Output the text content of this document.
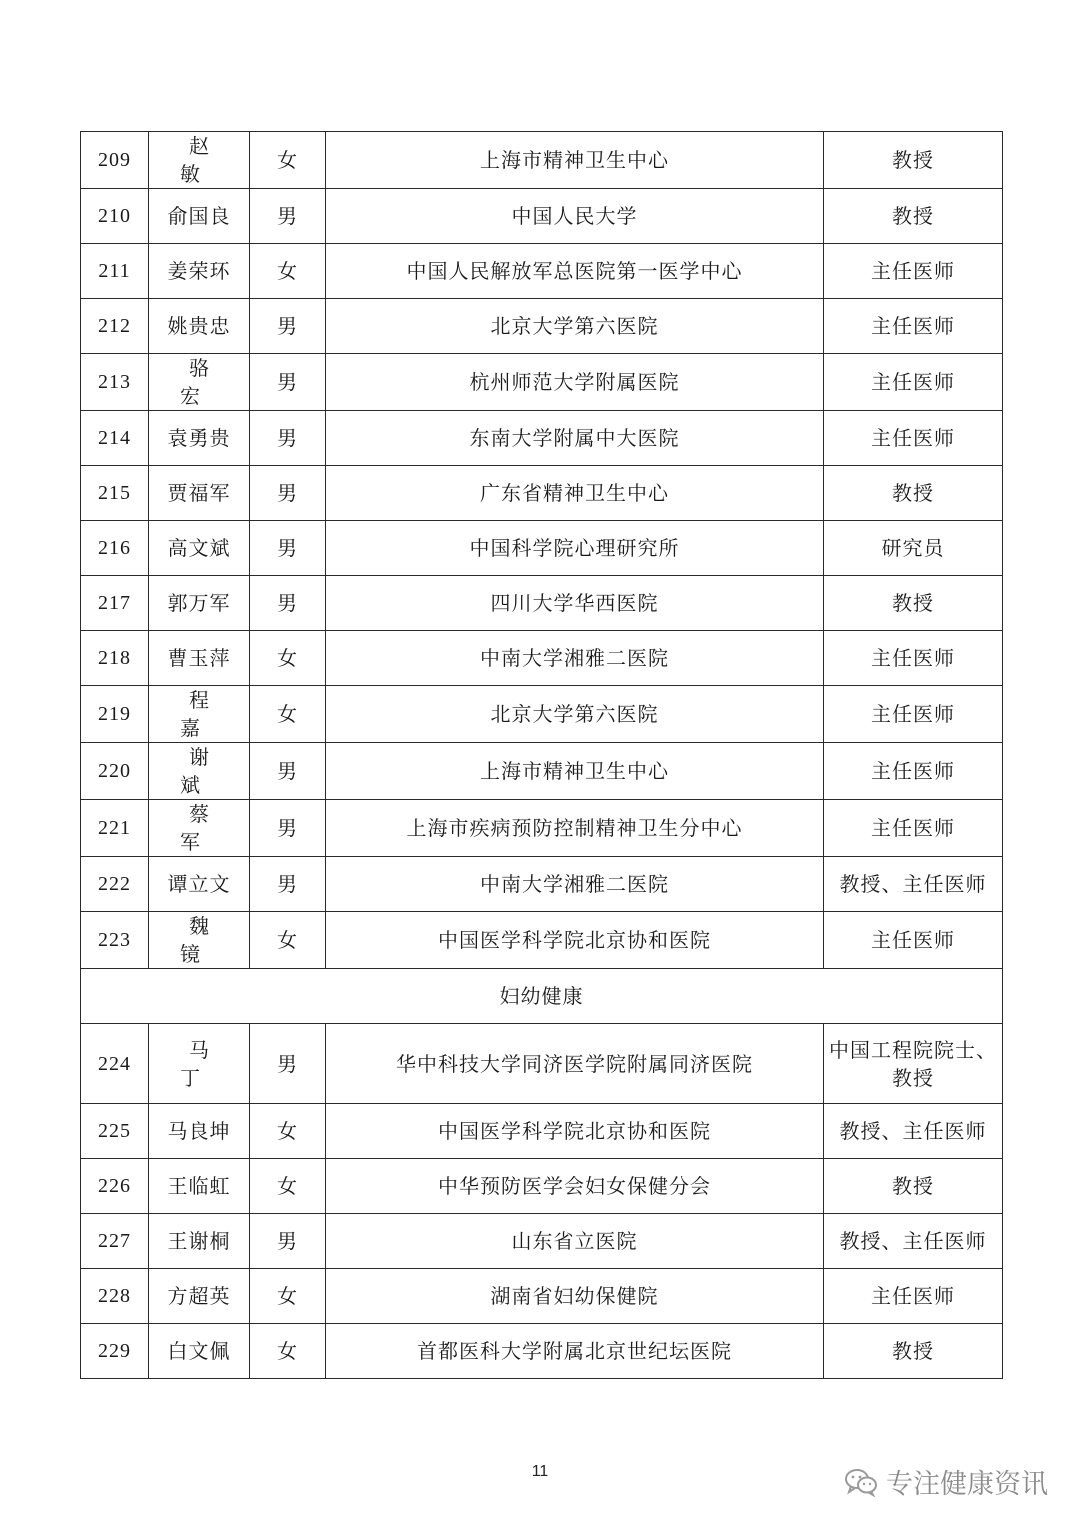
209	赵　敏	女	上海市精神卫生中心	教授
210	俞国良	男	中国人民大学	教授
211	姜荣环	女	中国人民解放军总医院第一医学中心	主任医师
212	姚贵忠	男	北京大学第六医院	主任医师
213	骆　宏	男	杭州师范大学附属医院	主任医师
214	袁勇贵	男	东南大学附属中大医院	主任医师
215	贾福军	男	广东省精神卫生中心	教授
216	高文斌	男	中国科学院心理研究所	研究员
217	郭万军	男	四川大学华西医院	教授
218	曹玉萍	女	中南大学湘雅二医院	主任医师
219	程　嘉	女	北京大学第六医院	主任医师
220	谢　斌	男	上海市精神卫生中心	主任医师
221	蔡　军	男	上海市疾病预防控制精神卫生分中心	主任医师
222	谭立文	男	中南大学湘雅二医院	教授、主任医师
223	魏　镜	女	中国医学科学院北京协和医院	主任医师
妇幼健康				
224	马　丁	男	华中科技大学同济医学院附属同济医院	中国工程院院士、
教授

225	马良坤	女	中国医学科学院北京协和医院	教授、主任医师
226	王临虹	女	中华预防医学会妇女保健分会	教授
227	王谢桐	男	山东省立医院	教授、主任医师
228	方超英	女	湖南省妇幼保健院	主任医师
229	白文佩	女	首都医科大学附属北京世纪坛医院	教授
11	专注健康资讯
